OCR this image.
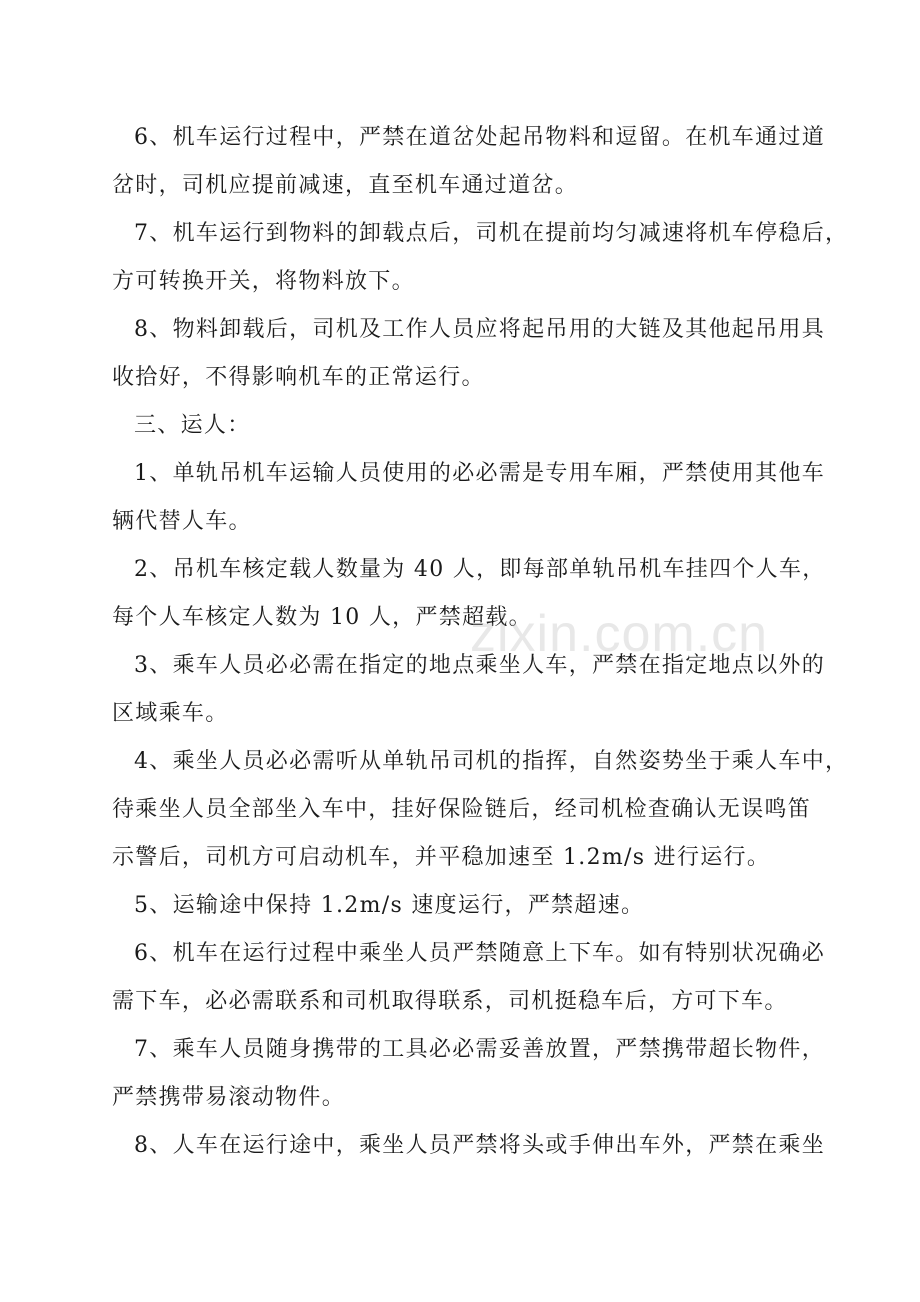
6、机车运行过程中，严禁在道岔处起吊物料和逗留。在机车通过道
岔时，司机应提前减速，直至机车通过道岔。
7、机车运行到物料的卸载点后，司机在提前均匀减速将机车停稳后，
方可转换开关，将物料放下。
8、物料卸载后，司机及工作人员应将起吊用的大链及其他起吊用具
收拾好，不得影响机车的正常运行。
三、运人：
1、单轨吊机车运输人员使用的必必需是专用车厢，严禁使用其他车
辆代替人车。
2、吊机车核定载人数量为 40 人，即每部单轨吊机车挂四个人车，
每个人车核定人数为 10 人，严禁超载。
3、乘车人员必必需在指定的地点乘坐人车，严禁在指定地点以外的
区域乘车。
4、乘坐人员必必需听从单轨吊司机的指挥，自然姿势坐于乘人车中，
待乘坐人员全部坐入车中，挂好保险链后，经司机检查确认无误鸣笛
示警后，司机方可启动机车，并平稳加速至 1.2m/s 进行运行。
5、运输途中保持 1.2m/s 速度运行，严禁超速。
6、机车在运行过程中乘坐人员严禁随意上下车。如有特别状况确必
需下车，必必需联系和司机取得联系，司机挺稳车后，方可下车。
7、乘车人员随身携带的工具必必需妥善放置，严禁携带超长物件，
严禁携带易滚动物件。
8、人车在运行途中，乘坐人员严禁将头或手伸出车外，严禁在乘坐
zixin.com.cn
